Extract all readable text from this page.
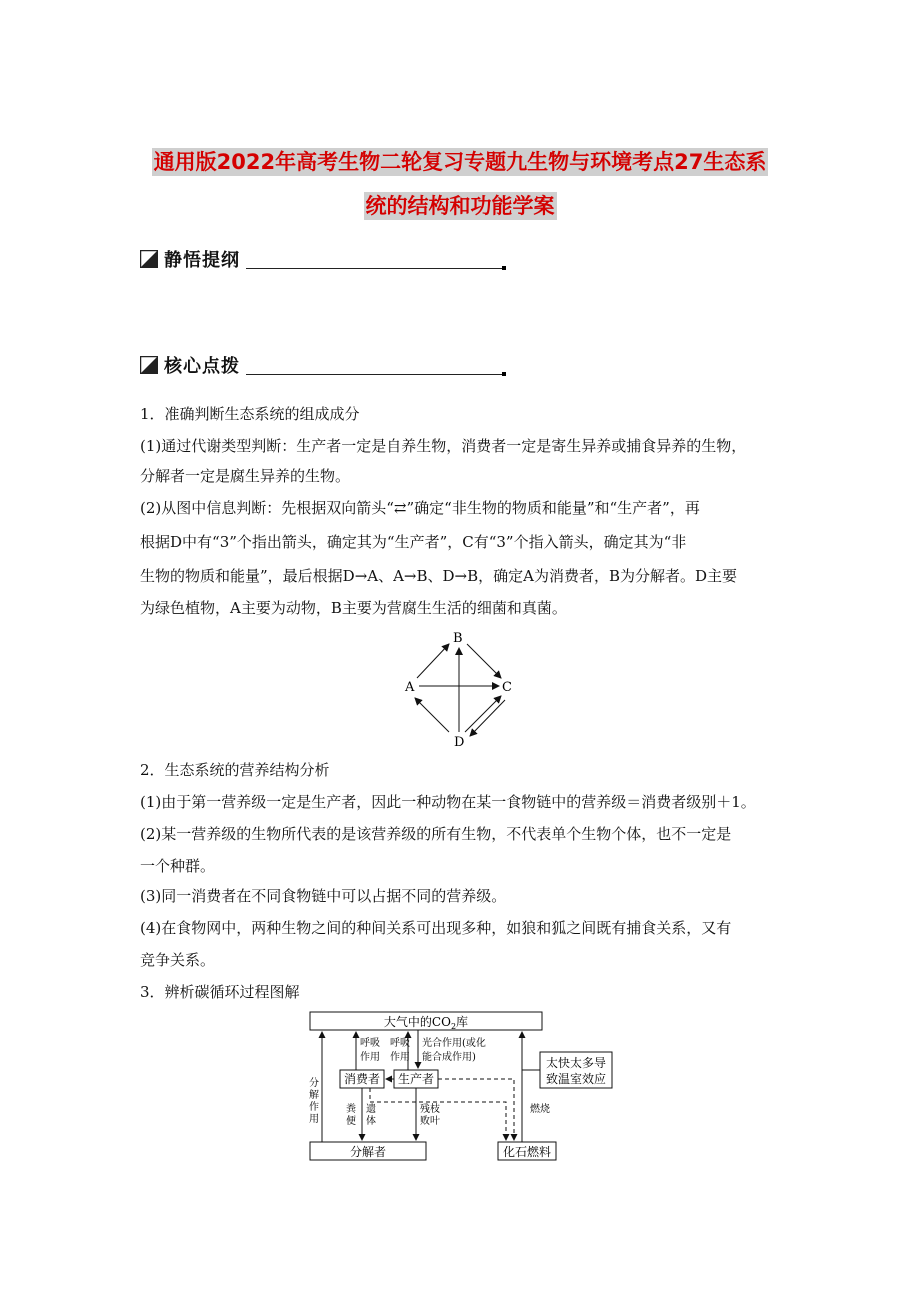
通用版2022年高考生物二轮复习专题九生物与环境考点27生态系
统的结构和功能学案
静悟提纲
核心点拨
1．准确判断生态系统的组成成分
(1)通过代谢类型判断：生产者一定是自养生物，消费者一定是寄生异养或捕食异养的生物，
分解者一定是腐生异养的生物。
(2)从图中信息判断：先根据双向箭头“⇄”确定“非生物的物质和能量”和“生产者”，再
根据D中有“3”个指出箭头，确定其为“生产者”，C有“3”个指入箭头，确定其为“非
生物的物质和能量”，最后根据D→A、A→B、D→B，确定A为消费者，B为分解者。D主要
为绿色植物，A主要为动物，B主要为营腐生生活的细菌和真菌。
B
A	C
D
2．生态系统的营养结构分析
(1)由于第一营养级一定是生产者，因此一种动物在某一食物链中的营养级＝消费者级别＋1。
(2)某一营养级的生物所代表的是该营养级的所有生物，不代表单个生物个体，也不一定是
一个种群。
(3)同一消费者在不同食物链中可以占据不同的营养级。
(4)在食物网中，两种生物之间的种间关系可出现多种，如狼和狐之间既有捕食关系，又有
竞争关系。
3．辨析碳循环过程图解
大气中的$CO_2$库
消费者 生产者
分解者	化石燃料
太快太多导
致温室效应
分
解
作
用
呼吸
作用
呼吸
作用
光合作用(或化
能合成作用)
燃烧
粪
便
遗
体
残枝
败叶
